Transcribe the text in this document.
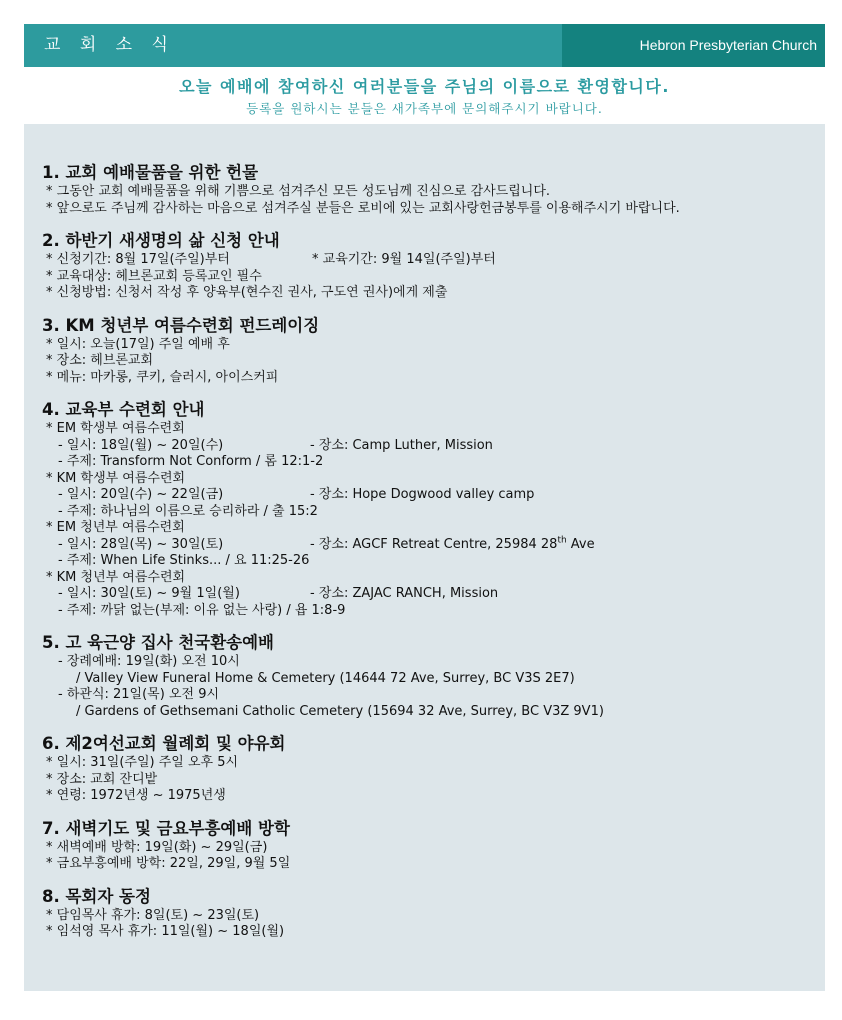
교 회 소 식	Hebron Presbyterian Church
오늘 예배에 참여하신 여러분들을 주님의 이름으로 환영합니다.
등록을 원하시는 분들은 새가족부에 문의해주시기 바랍니다.
1. 교회 예배물품을 위한 헌물
* 그동안 교회 예배물품을 위해 기쁨으로 섬겨주신 모든 성도님께 진심으로 감사드립니다.
* 앞으로도 주님께 감사하는 마음으로 섬겨주실 분들은 로비에 있는 교회사랑헌금봉투를 이용해주시기 바랍니다.
2. 하반기 새생명의 삶 신청 안내
* 신청기간: 8월 17일(주일)부터	* 교육기간: 9월 14일(주일)부터
* 교육대상: 헤브론교회 등록교인 필수
* 신청방법: 신청서 작성 후 양육부(현수진 권사, 구도연 권사)에게 제출
3. KM 청년부 여름수련회 펀드레이징
* 일시: 오늘(17일) 주일 예배 후
* 장소: 헤브론교회
* 메뉴: 마카롱, 쿠키, 슬러시, 아이스커피
4. 교육부 수련회 안내
* EM 학생부 여름수련회
- 일시: 18일(월) ~ 20일(수)	- 장소: Camp Luther, Mission
- 주제: Transform Not Conform / 롬 12:1-2
* KM 학생부 여름수련회
- 일시: 20일(수) ~ 22일(금)	- 장소: Hope Dogwood valley camp
- 주제: 하나님의 이름으로 승리하라 / 출 15:2
* EM 청년부 여름수련회
- 일시: 28일(목) ~ 30일(토)	- 장소: AGCF Retreat Centre, 25984 28th Ave
- 주제: When Life Stinks... / 요 11:25-26
* KM 청년부 여름수련회
- 일시: 30일(토) ~ 9월 1일(월)	- 장소: ZAJAC RANCH, Mission
- 주제: 까닭 없는(부제: 이유 없는 사랑) / 욥 1:8-9
5. 고 육근양 집사 천국환송예배
- 장례예배: 19일(화) 오전 10시
/ Valley View Funeral Home & Cemetery (14644 72 Ave, Surrey, BC V3S 2E7)
- 하관식: 21일(목) 오전 9시
/ Gardens of Gethsemani Catholic Cemetery (15694 32 Ave, Surrey, BC V3Z 9V1)
6. 제2여선교회 월례회 및 야유회
* 일시: 31일(주일) 주일 오후 5시
* 장소: 교회 잔디밭
* 연령: 1972년생 ~ 1975년생
7. 새벽기도 및 금요부흥예배 방학
* 새벽예배 방학: 19일(화) ~ 29일(금)
* 금요부흥예배 방학: 22일, 29일, 9월 5일
8. 목회자 동정
* 담임목사 휴가: 8일(토) ~ 23일(토)
* 임석영 목사 휴가: 11일(월) ~ 18일(월)
